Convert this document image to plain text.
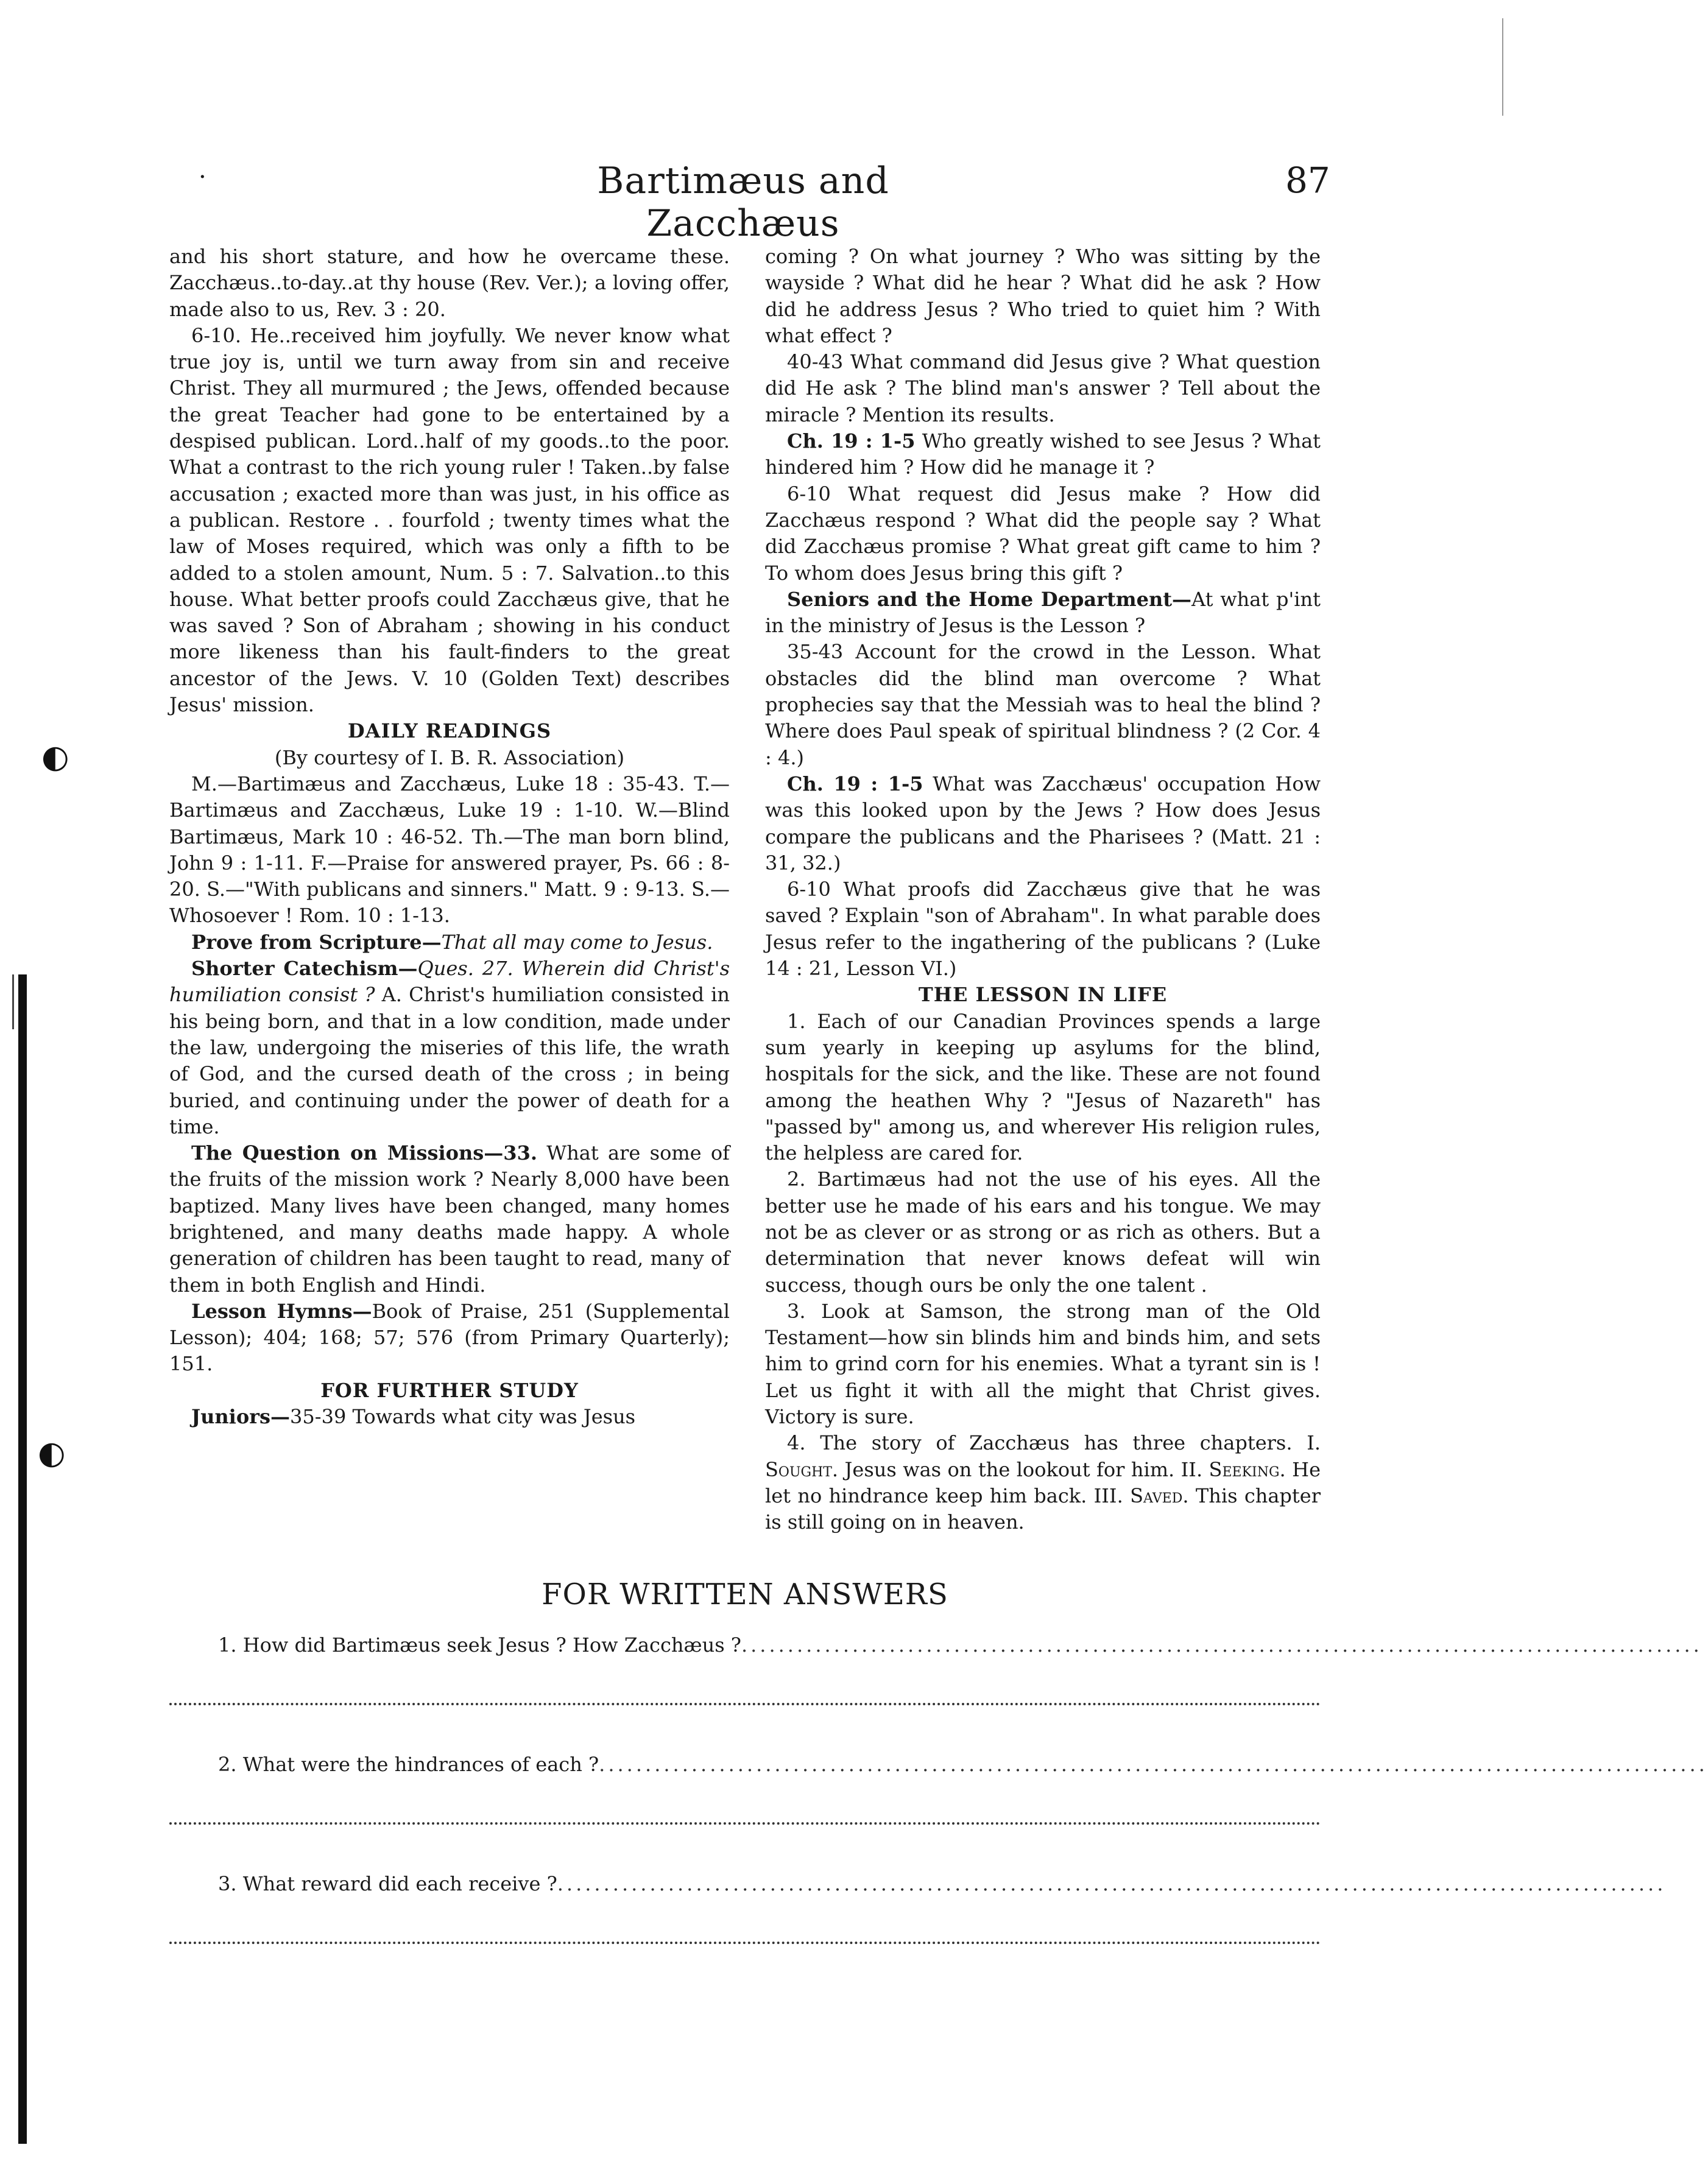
◐
◐
·	Bartimæus and Zacchæus
87

and his short stature, and how he overcame these. Zacchæus..to-day..at thy house (Rev. Ver.); a loving offer, made also to us, Rev. 3 : 20.

6-10. He..received him joyfully. We never know what true joy is, until we turn away from sin and receive Christ. They all murmured ; the Jews, offended because the great Teacher had gone to be entertained by a despised publican. Lord..half of my goods..to the poor. What a contrast to the rich young ruler ! Taken..by false accusation ; exacted more than was just, in his office as a publican. Restore . . fourfold ; twenty times what the law of Moses required, which was only a fifth to be added to a stolen amount, Num. 5 : 7. Salvation..to this house. What better proofs could Zacchæus give, that he was saved ? Son of Abraham ; showing in his conduct more likeness than his fault-finders to the great ancestor of the Jews. V. 10 (Golden Text) describes Jesus' mission.

DAILY READINGS
(By courtesy of I. B. R. Association)

M.—Bartimæus and Zacchæus, Luke 18 : 35-43. T.—Bartimæus and Zacchæus, Luke 19 : 1-10. W.—Blind Bartimæus, Mark 10 : 46-52. Th.—The man born blind, John 9 : 1-11. F.—Praise for answered prayer, Ps. 66 : 8-20. S.—"With publicans and sinners." Matt. 9 : 9-13. S.—Whosoever ! Rom. 10 : 1-13.

Prove from Scripture—That all may come to Jesus.

Shorter Catechism—Ques. 27. Wherein did Christ's humiliation consist ? A. Christ's humiliation consisted in his being born, and that in a low condition, made under the law, undergoing the miseries of this life, the wrath of God, and the cursed death of the cross ; in being buried, and continuing under the power of death for a time.

The Question on Missions—33. What are some of the fruits of the mission work ? Nearly 8,000 have been baptized. Many lives have been changed, many homes brightened, and many deaths made happy. A whole generation of children has been taught to read, many of them in both English and Hindi.

Lesson Hymns—Book of Praise, 251 (Supplemental Lesson); 404; 168; 57; 576 (from Primary Quarterly); 151.

FOR FURTHER STUDY

Juniors—35-39 Towards what city was Jesus

coming ? On what journey ? Who was sitting by the wayside ? What did he hear ? What did he ask ? How did he address Jesus ? Who tried to quiet him ? With what effect ?

40-43 What command did Jesus give ? What question did He ask ? The blind man's answer ? Tell about the miracle ? Mention its results.

Ch. 19 : 1-5 Who greatly wished to see Jesus ? What hindered him ? How did he manage it ?

6-10 What request did Jesus make ? How did Zacchæus respond ? What did the people say ? What did Zacchæus promise ? What great gift came to him ? To whom does Jesus bring this gift ?

Seniors and the Home Department—At what p'int in the ministry of Jesus is the Lesson ?

35-43 Account for the crowd in the Lesson. What obstacles did the blind man overcome ? What prophecies say that the Messiah was to heal the blind ? Where does Paul speak of spiritual blindness ? (2 Cor. 4 : 4.)

Ch. 19 : 1-5 What was Zacchæus' occupation How was this looked upon by the Jews ? How does Jesus compare the publicans and the Pharisees ? (Matt. 21 : 31, 32.)

6-10 What proofs did Zacchæus give that he was saved ? Explain "son of Abraham". In what parable does Jesus refer to the ingathering of the publicans ? (Luke 14 : 21, Lesson VI.)

THE LESSON IN LIFE

1. Each of our Canadian Provinces spends a large sum yearly in keeping up asylums for the blind, hospitals for the sick, and the like. These are not found among the heathen Why ? "Jesus of Nazareth" has "passed by" among us, and wherever His religion rules, the helpless are cared for.

2. Bartimæus had not the use of his eyes. All the better use he made of his ears and his tongue. We may not be as clever or as strong or as rich as others. But a determination that never knows defeat will win success, though ours be only the one talent .

3. Look at Samson, the strong man of the Old Testament—how sin blinds him and binds him, and sets him to grind corn for his enemies. What a tyrant sin is ! Let us fight it with all the might that Christ gives. Victory is sure.

4. The story of Zacchæus has three chapters. I. Sought. Jesus was on the lookout for him. II. Seeking. He let no hindrance keep him back. III. Saved. This chapter is still going on in heaven.

FOR WRITTEN ANSWERS
1. How did Bartimæus seek Jesus ? How Zacchæus ?........................................................................................................
2. What were the hindrances of each ?........................................................................................................................
3. What reward did each receive ?........................................................................................................................
